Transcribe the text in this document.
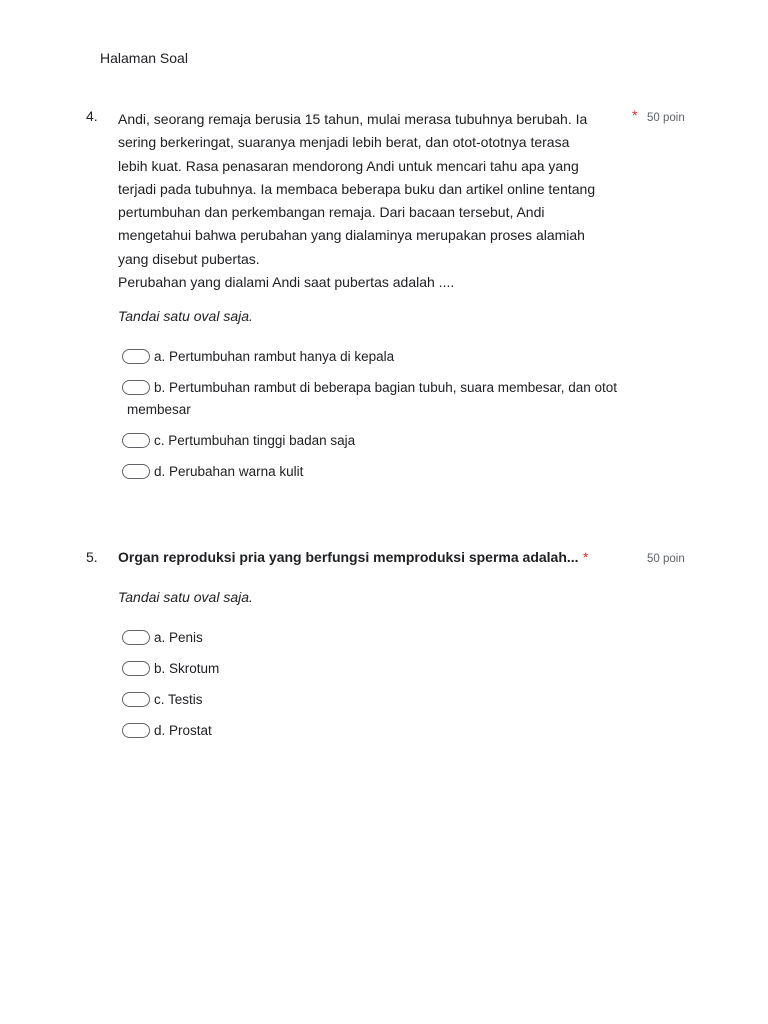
Halaman Soal
4. Andi, seorang remaja berusia 15 tahun, mulai merasa tubuhnya berubah. Ia
sering berkeringat, suaranya menjadi lebih berat, dan otot-ototnya terasa
lebih kuat. Rasa penasaran mendorong Andi untuk mencari tahu apa yang
terjadi pada tubuhnya. Ia membaca beberapa buku dan artikel online tentang
pertumbuhan dan perkembangan remaja. Dari bacaan tersebut, Andi
mengetahui bahwa perubahan yang dialaminya merupakan proses alamiah
yang disebut pubertas.
Perubahan yang dialami Andi saat pubertas adalah ....

* 50 poin
Tandai satu oval saja.
a. Pertumbuhan rambut hanya di kepala
b. Pertumbuhan rambut di beberapa bagian tubuh, suara membesar, dan otot
membesar
c. Pertumbuhan tinggi badan saja
d. Perubahan warna kulit
5. Organ reproduksi pria yang berfungsi memproduksi sperma adalah... *	50 poin
Tandai satu oval saja.
a. Penis
b. Skrotum
c. Testis
d. Prostat
